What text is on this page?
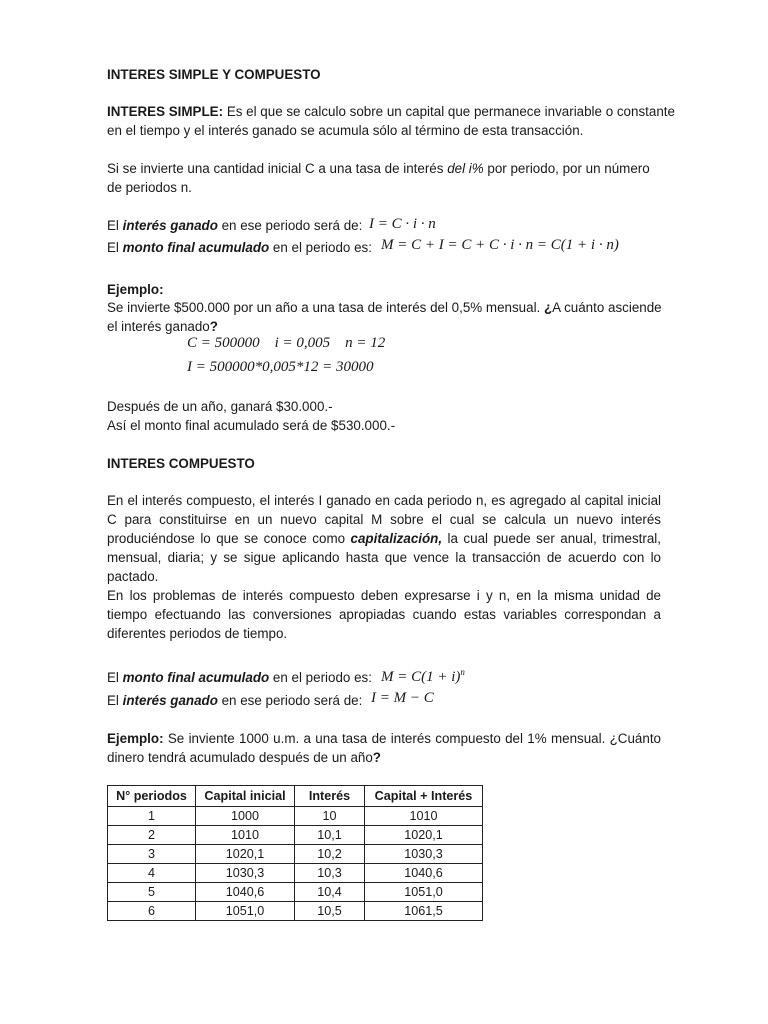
INTERES SIMPLE Y COMPUESTO
INTERES SIMPLE: Es el que se calculo sobre un capital que permanece invariable o constante
en el tiempo y el interés ganado se acumula sólo al término de esta transacción.
Si se invierte una cantidad inicial C a una tasa de interés del i% por periodo, por un número
de periodos n.
El interés ganado en ese periodo será de: I = C · i · n
El monto final acumulado en el periodo es: M = C + I = C + C · i · n = C(1 + i · n)
Ejemplo:
Se invierte $500.000 por un año a una tasa de interés del 0,5% mensual. ¿A cuánto asciende
el interés ganado?
C = 500000    i = 0,005    n = 12
I = 500000*0,005*12 = 30000
Después de un año, ganará $30.000.-
Así el monto final acumulado será de $530.000.-
INTERES COMPUESTO
En el interés compuesto, el interés I ganado en cada periodo n, es agregado al capital inicial
C para constituirse en un nuevo capital M sobre el cual se calcula un nuevo interés
produciéndose lo que se conoce como capitalización, la cual puede ser anual, trimestral,
mensual, diaria; y se sigue aplicando hasta que vence la transacción de acuerdo con lo
pactado.
En los problemas de interés compuesto deben expresarse i y n, en la misma unidad de
tiempo efectuando las conversiones apropiadas cuando estas variables correspondan a
diferentes periodos de tiempo.
El monto final acumulado en el periodo es: $M = C(1 + i)^n$
El interés ganado en ese periodo será de: I = M − C
Ejemplo: Se inviente 1000 u.m. a una tasa de interés compuesto del 1% mensual. ¿Cuánto
dinero tendrá acumulado después de un año?
N° periodos	Capital inicial	Interés	Capital + Interés
1	1000	10	1010
2	1010	10,1	1020,1
3	1020,1	10,2	1030,3
4	1030,3	10,3	1040,6
5	1040,6	10,4	1051,0
6	1051,0	10,5	1061,5
